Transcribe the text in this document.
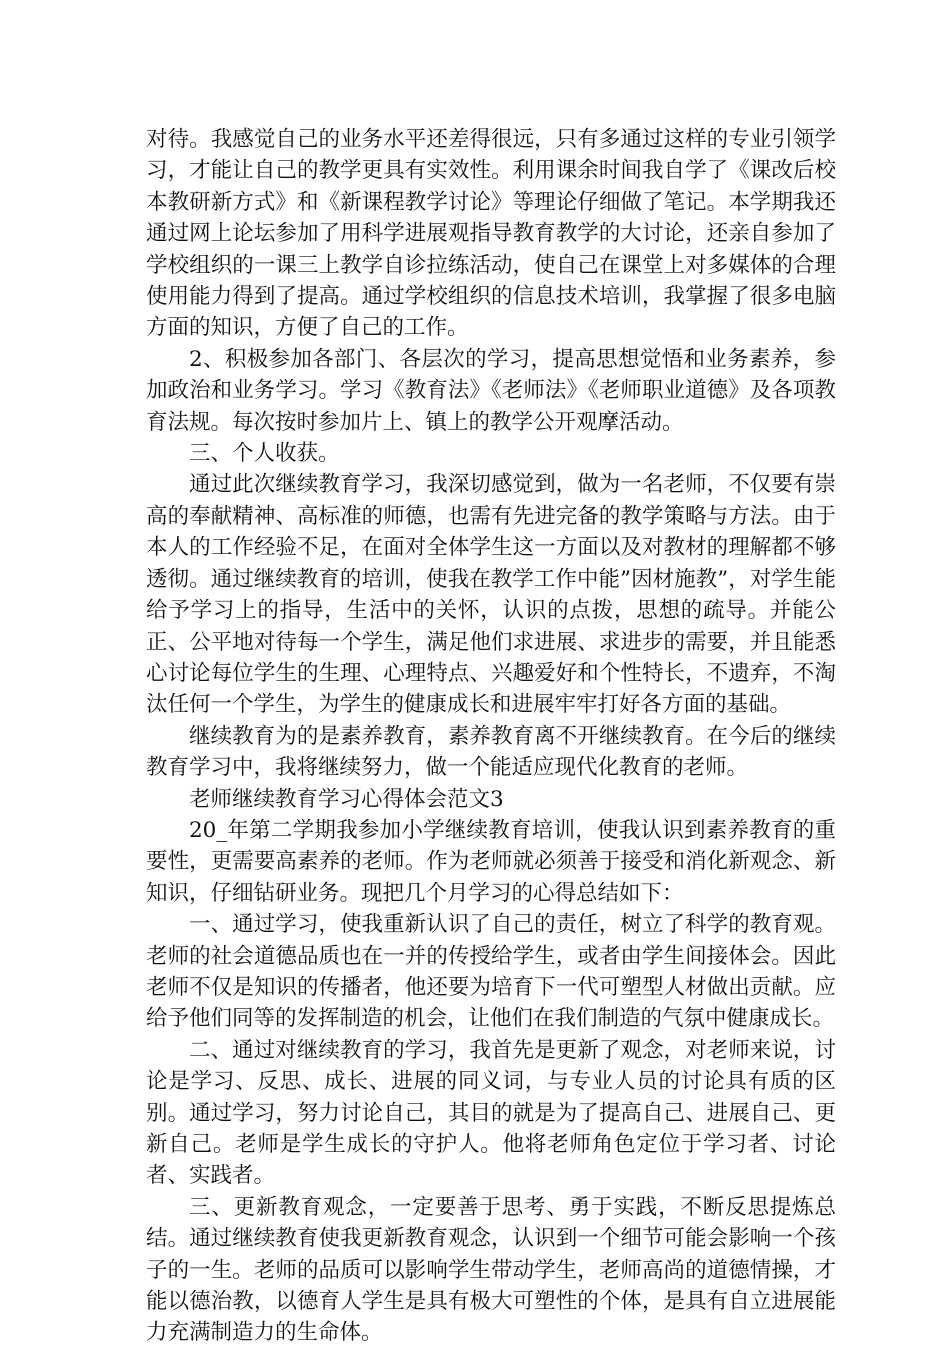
对待。我感觉自己的业务水平还差得很远，只有多通过这样的专业引领学习，才能让自己的教学更具有实效性。利用课余时间我自学了《课改后校本教研新方式》和《新课程教学讨论》等理论仔细做了笔记。本学期我还通过网上论坛参加了用科学进展观指导教育教学的大讨论，还亲自参加了学校组织的一课三上教学自诊拉练活动，使自己在课堂上对多媒体的合理使用能力得到了提高。通过学校组织的信息技术培训，我掌握了很多电脑方面的知识，方便了自己的工作。

2、积极参加各部门、各层次的学习，提高思想觉悟和业务素养，参加政治和业务学习。学习《教育法》《老师法》《老师职业道德》及各项教育法规。每次按时参加片上、镇上的教学公开观摩活动。

三、个人收获。

通过此次继续教育学习，我深切感觉到，做为一名老师，不仅要有崇高的奉献精神、高标准的师德，也需有先进完备的教学策略与方法。由于本人的工作经验不足，在面对全体学生这一方面以及对教材的理解都不够透彻。通过继续教育的培训，使我在教学工作中能”因材施教”，对学生能给予学习上的指导，生活中的关怀，认识的点拨，思想的疏导。并能公正、公平地对待每一个学生，满足他们求进展、求进步的需要，并且能悉心讨论每位学生的生理、心理特点、兴趣爱好和个性特长，不遗弃，不淘汰任何一个学生，为学生的健康成长和进展牢牢打好各方面的基础。

继续教育为的是素养教育，素养教育离不开继续教育。在今后的继续教育学习中，我将继续努力，做一个能适应现代化教育的老师。

老师继续教育学习心得体会范文3

20_年第二学期我参加小学继续教育培训，使我认识到素养教育的重要性，更需要高素养的老师。作为老师就必须善于接受和消化新观念、新知识，仔细钻研业务。现把几个月学习的心得总结如下：

一、通过学习，使我重新认识了自己的责任，树立了科学的教育观。老师的社会道德品质也在一并的传授给学生，或者由学生间接体会。因此老师不仅是知识的传播者，他还要为培育下一代可塑型人材做出贡献。应给予他们同等的发挥制造的机会，让他们在我们制造的气氛中健康成长。

二、通过对继续教育的学习，我首先是更新了观念，对老师来说，讨论是学习、反思、成长、进展的同义词，与专业人员的讨论具有质的区别。通过学习，努力讨论自己，其目的就是为了提高自己、进展自己、更新自己。老师是学生成长的守护人。他将老师角色定位于学习者、讨论者、实践者。

三、更新教育观念，一定要善于思考、勇于实践，不断反思提炼总结。通过继续教育使我更新教育观念，认识到一个细节可能会影响一个孩子的一生。老师的品质可以影响学生带动学生，老师高尚的道德情操，才能以德治教，以德育人学生是具有极大可塑性的个体，是具有自立进展能力充满制造力的生命体。
